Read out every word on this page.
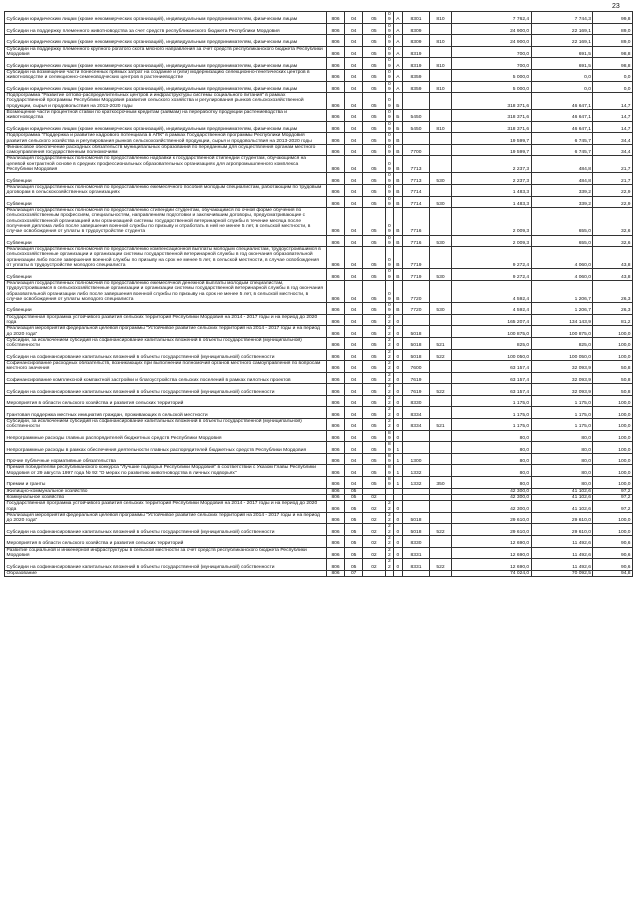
23
Субсидии юридическим лицам (кроме некоммерческих организаций), индивидуальным предпринимателям, физическим лицам	806	04	05	09	А	8301	810	7 762,4	7 744,3	99,8
Субсидии на поддержку племенного животноводства за счет средств республиканского бюджета Республики Мордовия	806	04	05	09	А	8309		24 900,0	22 169,1	89,0
Субсидии юридическим лицам (кроме некоммерческих организаций), индивидуальным предпринимателям, физическим лицам	806	04	05	09	А	8309	810	24 900,0	22 169,1	89,0
Субсидии на поддержку племенного крупного рогатого скота мясного направления за счет средств республиканского бюджета Республики Мордовия	806	04	05	09	А	8319		700,0	691,5	98,8
Субсидии юридическим лицам (кроме некоммерческих организаций), индивидуальным предпринимателям, физическим лицам	806	04	05	09	А	8319	810	700,0	691,5	98,8
Субсидии на возмещение части понесенных прямых затрат на создание и (или) модернизацию селекционно-генетических центров в животноводстве и селекционно-семеноводческих центров в растениеводстве	806	04	05	09	А	8359		5 000,0	0,0	0,0
Субсидии юридическим лицам (кроме некоммерческих организаций), индивидуальным предпринимателям, физическим лицам	806	04	05	09	А	8359	810	5 000,0	0,0	0,0
Подпрограмма "Развитие оптово-распределительных центров и инфраструктуры системы социального питания" в рамках Государственной программы Республики Мордовия развития сельского хозяйства и регулирования рынков сельскохозяйственной продукции, сырья и продовольствия на 2013-2020 годы	806	04	05	09	Б			318 371,6	46 647,1	14,7
Возмещение части процентной ставки по краткосрочным кредитам (займам) на переработку продукции растениеводства и животноводства	806	04	05	09	Б	5450		318 371,6	46 647,1	14,7
Субсидии юридическим лицам (кроме некоммерческих организаций), индивидуальным предпринимателям, физическим лицам	806	04	05	09	Б	5450	810	318 371,6	46 647,1	14,7
Подпрограмма "Поддержка и развитие кадрового потенциала в АПК" в рамках Государственной программы Республики Мордовия развития сельского хозяйства и регулирования рынков сельскохозяйственной продукции, сырья и продовольствия на 2013-2020 годы	806	04	05	09	В			19 599,7	6 745,7	34,4
Финансовое обеспечение расходных обязательств муниципальных образований по переданным для осуществления органам местного самоуправления государственным полномочиям	806	04	05	09	В	7700		19 599,7	6 745,7	34,4
Реализация государственных полномочий по предоставлению надбавки к государственной стипендии студентам, обучающимся на целевой контрактной основе в средних профессиональных образовательных организациях для агропромышленного комплекса Республики Мордовия	806	04	05	09	В	7713		2 237,3	484,8	21,7
Субвенции	806	04	05	09	В	7713	530	2 237,3	484,8	21,7
Реализация государственных полномочий по предоставлению ежемесячного пособия молодым специалистам, работающим по трудовым договорам в сельскохозяйственных организациях	806	04	05	09	В	7714		1 483,3	339,2	22,9
Субвенции	806	04	05	09	В	7714	530	1 483,3	339,2	22,9
Реализация государственных полномочий по предоставлению стипендии студентам, обучающимся по очной форме обучения по сельскохозяйственным профессиям, специальностям, направлениям подготовки и заключившим договоры, предусматривающие с сельскохозяйственной организацией или организацией системы государственной ветеринарной службы в течение месяца после получения диплома либо после завершения военной службы по призыву и отработать в ней не менее 5 лет, в сельской местности, в случае освобождения от уплаты в трудоустройстве студента	806	04	05	09	В	7716		2 009,3	655,0	32,6
Субвенции	806	04	05	09	В	7716	530	2 009,3	655,0	32,6
Реализация государственных полномочий по предоставлению компенсационной выплаты молодым специалистам, трудоустроившимся в сельскохозяйственные организации и организации системы государственной ветеринарной службы в год окончания образовательной организации либо после завершения военной службы по призыву на срок не менее 5 лет, в сельской местности, в случае освобождения от уплаты в трудоустройстве молодого специалиста	806	04	05	09	В	7719		9 272,4	4 060,0	43,8
Субвенции	806	04	05	09	В	7719	530	9 272,4	4 060,0	43,8
Реализация государственных полномочий по предоставлению ежемесячной денежной выплаты молодым специалистам, трудоустроившимся в сельскохозяйственные организации и организации системы государственной ветеринарной службы в год окончания образовательной организации либо после завершения военной службы по призыву на срок не менее 5 лет, в сельской местности, в случае освобождения от уплаты молодого специалиста	806	04	05	09	В	7720		4 592,4	1 206,7	26,3
Субвенции	806	04	05	09	В	7720	530	4 592,4	1 206,7	26,3
Государственная программа устойчивого развития сельских территорий Республики Мордовия на 2014 - 2017 годы и на период до 2020 года	806	04	05	22	0			165 207,4	134 143,9	81,2
Реализация мероприятий федеральной целевой программы "Устойчивое развитие сельских территорий на 2014 - 2017 годы и на период до 2020 года"	806	04	05	22	0	5018		100 875,0	100 875,0	100,0
Субсидии, за исключением субсидий на софинансирование капитальных вложений в объекты государственной (муниципальной) собственности	806	04	05	22	0	5018	521	825,0	825,0	100,0
Субсидии на софинансирование капитальных вложений в объекты государственной (муниципальной) собственности	806	04	05	22	0	5018	522	100 050,0	100 050,0	100,0
Софинансирование расходных обязательств, возникающих при выполнении полномочий органов местного самоуправления по вопросам местного значения	806	04	05	22	0	7600		63 157,4	32 093,9	50,8
Софинансирование комплексной компактной застройки и благоустройства сельских поселений в рамках пилотных проектов	806	04	05	22	0	7619		63 157,4	32 093,9	50,8
Субсидии на софинансирование капитальных вложений в объекты государственной (муниципальной) собственности	806	04	05	22	0	7619	522	63 157,4	32 093,9	50,8
Мероприятия в области сельского хозяйства и развития сельских территорий	806	04	05	22	0	8330		1 175,0	1 175,0	100,0
Грантовая поддержка местных инициатив граждан, проживающих в сельской местности	806	04	05	22	0	8334		1 175,0	1 175,0	100,0
Субсидии, за исключением субсидий на софинансирование капитальных вложений в объекты государственной (муниципальной) собственности	806	04	05	22	0	8334	521	1 175,0	1 175,0	100,0
Непрограммные расходы главных распорядителей бюджетных средств Республики Мордовия	806	04	05	89	0			80,0	80,0	100,0
Непрограммные расходы в рамках обеспечения деятельности главных распорядителей бюджетных средств Республики Мордовия	806	04	05	89	1			80,0	80,0	100,0
Прочие публичные нормативные обязательства	806	04	05	89	1	1300		80,0	80,0	100,0
Премия победителям республиканского конкурса "Лучшие подворья Республики Мордовия" в соответствии с Указом Главы Республики Мордовия от 29 августа 1997 года № 92 "О мерах по развитию животноводства в личных подворьях"	806	04	05	89	1	1332		80,0	80,0	100,0
Премии и гранты	806	04	05	89	1	1332	350	80,0	80,0	100,0
Жилищно-коммунальное хозяйство	806	05						42 300,0	41 102,6	97,2
Коммунальное хозяйство	806	05	02					42 300,0	41 102,6	97,2
Государственная программа устойчивого развития сельских территорий Республики Мордовия на 2014 - 2017 годы и на период до 2020 года	806	05	02	22	0			42 300,0	41 102,6	97,2
Реализация мероприятий федеральной целевой программы "Устойчивое развитие сельских территорий на 2014 - 2017 годы и на период до 2020 года"	806	05	02	22	0	5018		29 610,0	29 610,0	100,0
Субсидии на софинансирование капитальных вложений в объекты государственной (муниципальной) собственности	806	05	02	22	0	5018	522	29 610,0	29 610,0	100,0
Мероприятия в области сельского хозяйства и развития сельских территорий	806	05	02	22	0	8330		12 690,0	11 492,6	90,6
Развитие социальной и инженерной инфраструктуры в сельской местности за счет средств республиканского бюджета Республики Мордовия	806	05	02	22	0	8331		12 690,0	11 492,6	90,6
Субсидии на софинансирование капитальных вложений в объекты государственной (муниципальной) собственности	806	05	02	22	0	8331	522	12 690,0	11 492,6	90,6
Образование	806	07						74 024,0	70 092,5	94,8
